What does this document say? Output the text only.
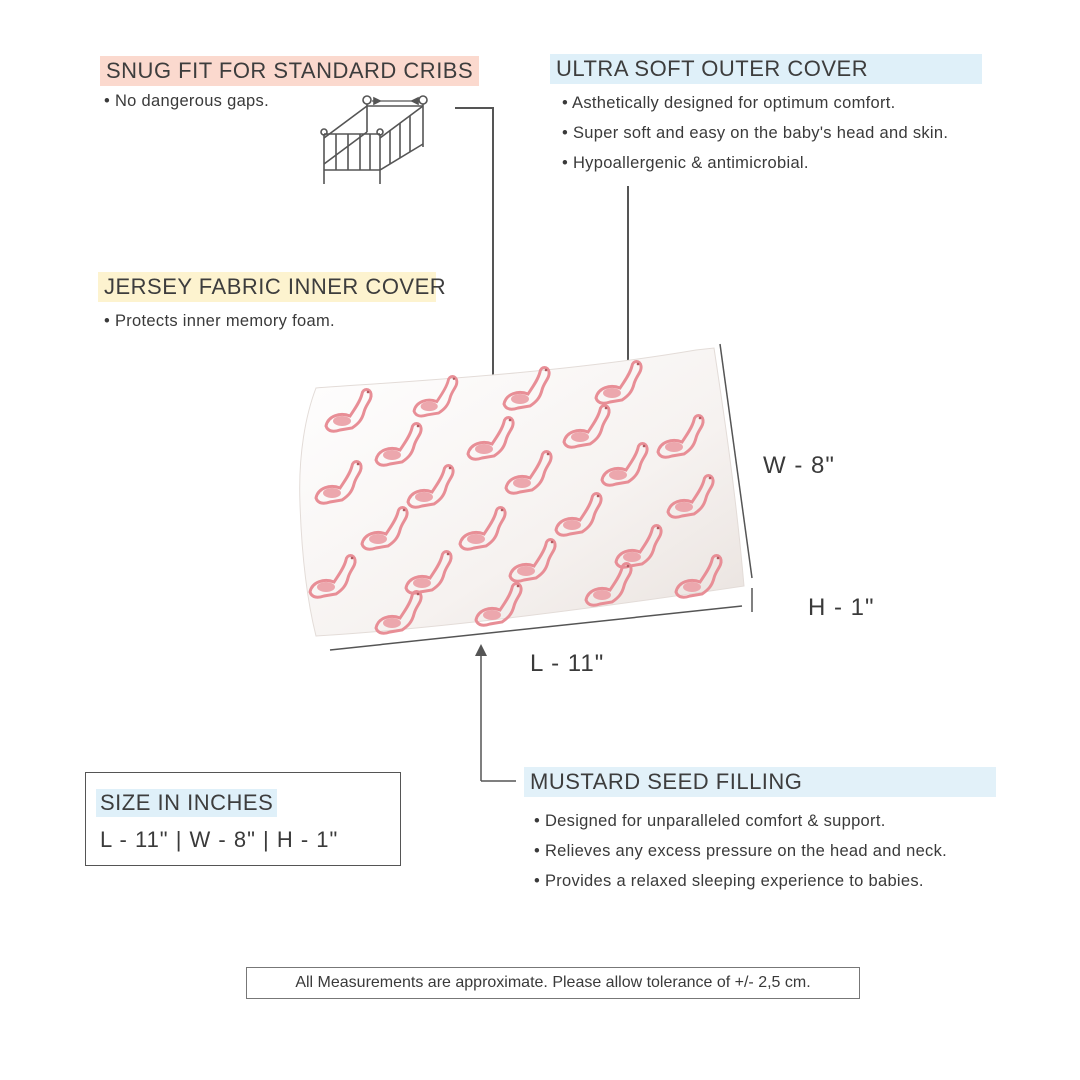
SNUG FIT FOR STANDARD CRIBS
• No dangerous gaps.
ULTRA SOFT OUTER COVER
• Asthetically designed for optimum comfort.
• Super soft and easy on the baby's head and skin.
• Hypoallergenic & antimicrobial.
JERSEY FABRIC INNER COVER
• Protects inner memory foam.
W - 8"
H - 1"
L - 11"
MUSTARD SEED FILLING
• Designed for unparalleled comfort & support.
• Relieves any excess pressure on the head and neck.
• Provides a relaxed sleeping experience to babies.
SIZE IN INCHES
L - 11" | W - 8" | H - 1"
All Measurements are approximate. Please allow tolerance of +/- 2,5 cm.
